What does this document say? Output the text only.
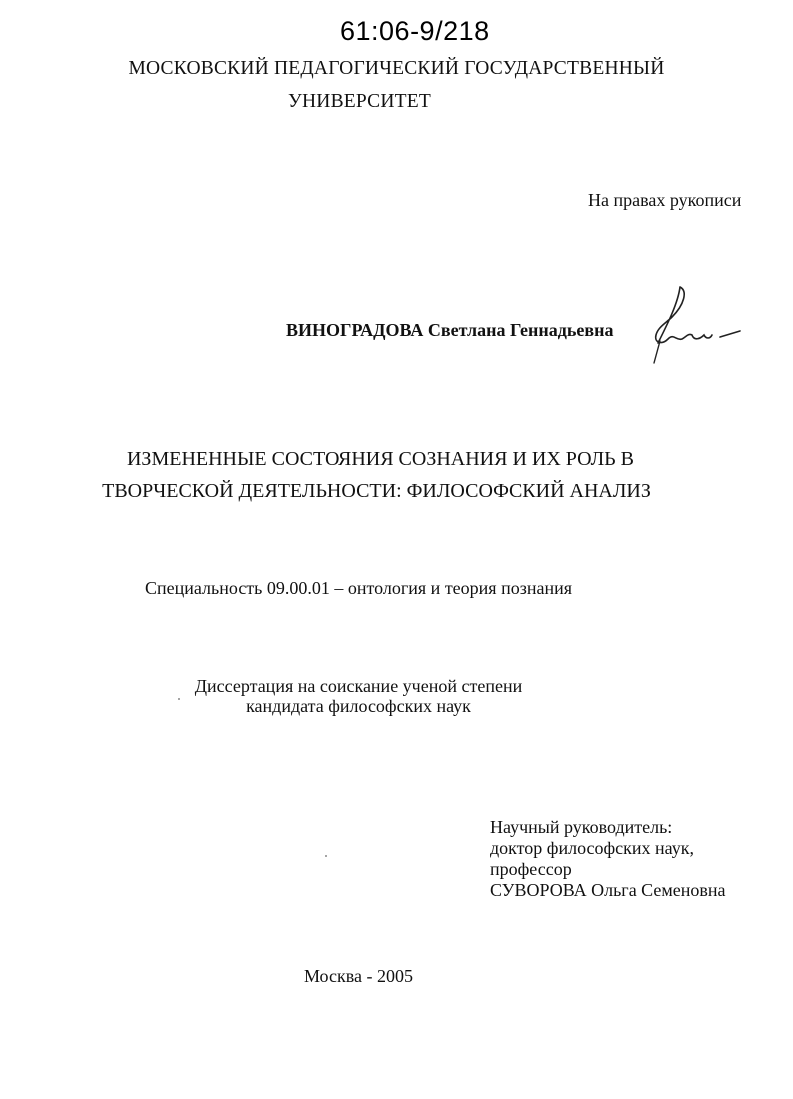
61:06-9/218
МОСКОВСКИЙ ПЕДАГОГИЧЕСКИЙ ГОСУДАРСТВЕННЫЙ
УНИВЕРСИТЕТ
На правах рукописи
ВИНОГРАДОВА Светлана Геннадьевна
ИЗМЕНЕННЫЕ СОСТОЯНИЯ СОЗНАНИЯ И ИХ РОЛЬ В
ТВОРЧЕСКОЙ ДЕЯТЕЛЬНОСТИ: ФИЛОСОФСКИЙ АНАЛИЗ
Специальность 09.00.01 – онтология и теория познания
Диссертация на соискание ученой степени
кандидата философских наук
Научный руководитель:
доктор философских наук,
профессор
СУВОРОВА Ольга Семеновна
Москва - 2005
